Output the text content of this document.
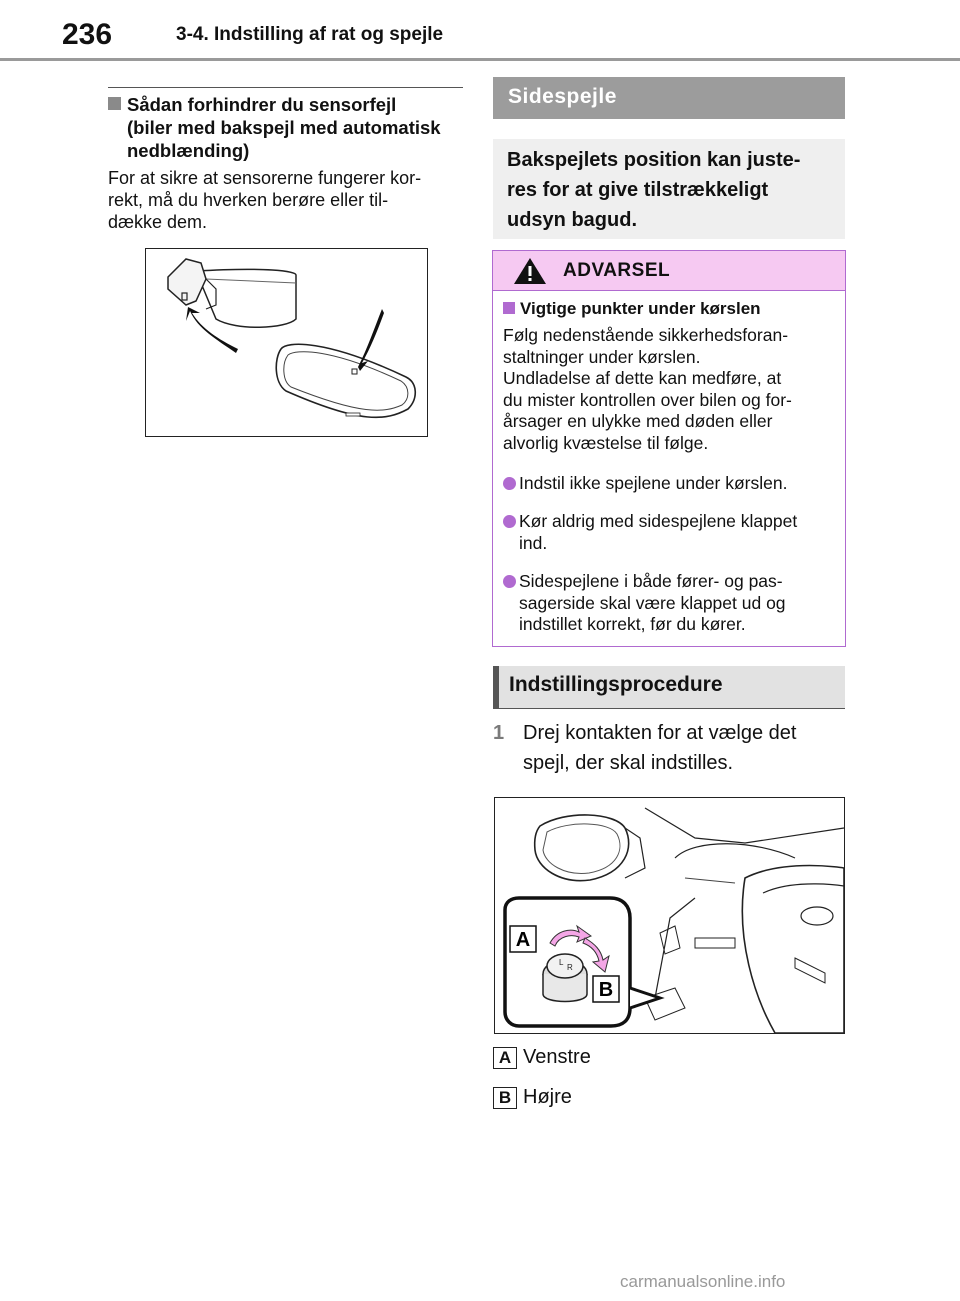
236	3-4. Indstilling af rat og spejle
Sådan forhindrer du sensorfejl
(biler med bakspejl med automatisk
nedblænding)
For at sikre at sensorerne fungerer kor-
rekt, må du hverken berøre eller til-
dække dem.
Sidespejle
Bakspejlets position kan juste-
res for at give tilstrækkeligt
udsyn bagud.
ADVARSEL
Vigtige punkter under kørslen
Følg nedenstående sikkerhedsforan-
staltninger under kørslen.
Undladelse af dette kan medføre, at
du mister kontrollen over bilen og for-
årsager en ulykke med døden eller
alvorlig kvæstelse til følge.
Indstil ikke spejlene under kørslen.
Kør aldrig med sidespejlene klappet
ind.
Sidespejlene i både fører- og pas-
sagerside skal være klappet ud og
indstillet korrekt, før du kører.
Indstillingsprocedure
1 Drej kontakten for at vælge det
spejl, der skal indstilles.
A
B
L
R
A Venstre
B Højre
carmanualsonline.info
